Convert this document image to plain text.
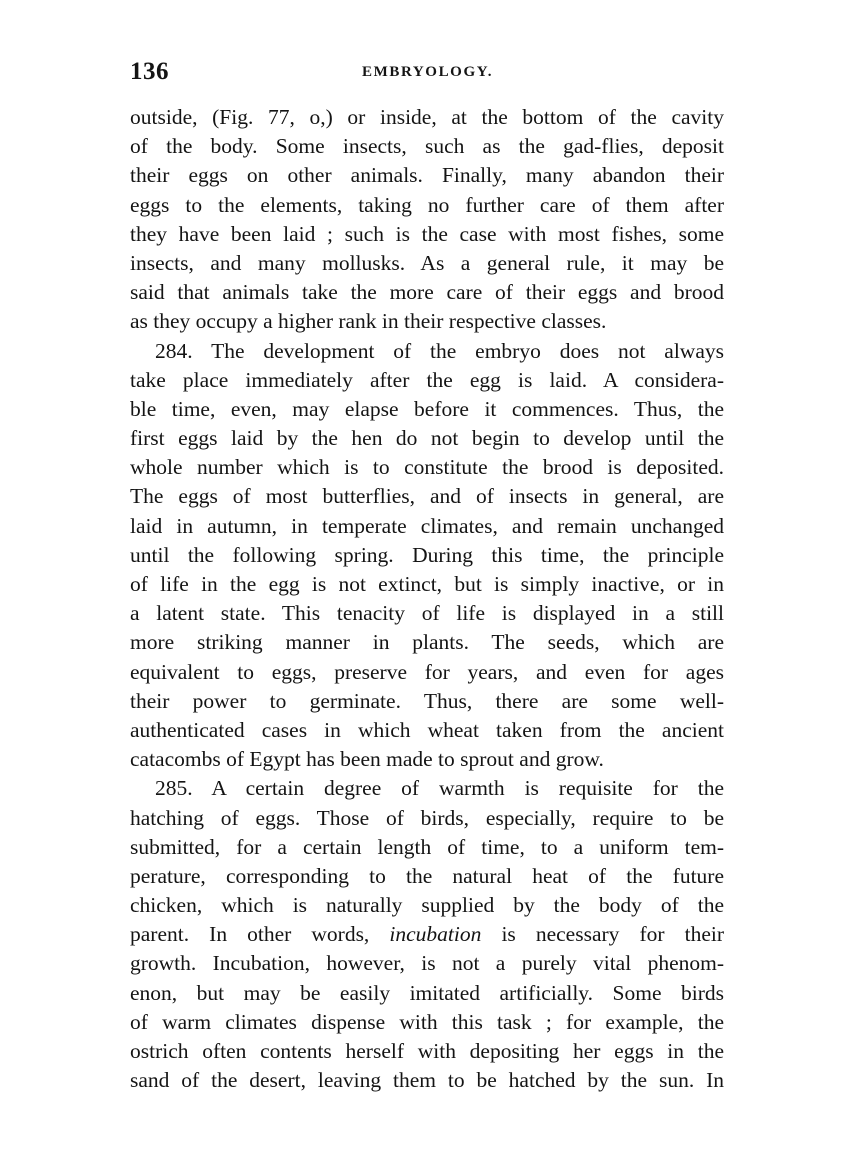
136	EMBRYOLOGY.
outside, (Fig. 77, o,) or inside, at the bottom of the cavity
of the body. Some insects, such as the gad-flies, deposit
their eggs on other animals. Finally, many abandon their
eggs to the elements, taking no further care of them after
they have been laid ; such is the case with most fishes, some
insects, and many mollusks. As a general rule, it may be
said that animals take the more care of their eggs and brood
as they occupy a higher rank in their respective classes.
284. The development of the embryo does not always
take place immediately after the egg is laid. A considera-
ble time, even, may elapse before it commences. Thus, the
first eggs laid by the hen do not begin to develop until the
whole number which is to constitute the brood is deposited.
The eggs of most butterflies, and of insects in general, are
laid in autumn, in temperate climates, and remain unchanged
until the following spring. During this time, the principle
of life in the egg is not extinct, but is simply inactive, or in
a latent state. This tenacity of life is displayed in a still
more striking manner in plants. The seeds, which are
equivalent to eggs, preserve for years, and even for ages
their power to germinate. Thus, there are some well-
authenticated cases in which wheat taken from the ancient
catacombs of Egypt has been made to sprout and grow.
285. A certain degree of warmth is requisite for the
hatching of eggs. Those of birds, especially, require to be
submitted, for a certain length of time, to a uniform tem-
perature, corresponding to the natural heat of the future
chicken, which is naturally supplied by the body of the
parent. In other words, incubation is necessary for their
growth. Incubation, however, is not a purely vital phenom-
enon, but may be easily imitated artificially. Some birds
of warm climates dispense with this task ; for example, the
ostrich often contents herself with depositing her eggs in the
sand of the desert, leaving them to be hatched by the sun. In
